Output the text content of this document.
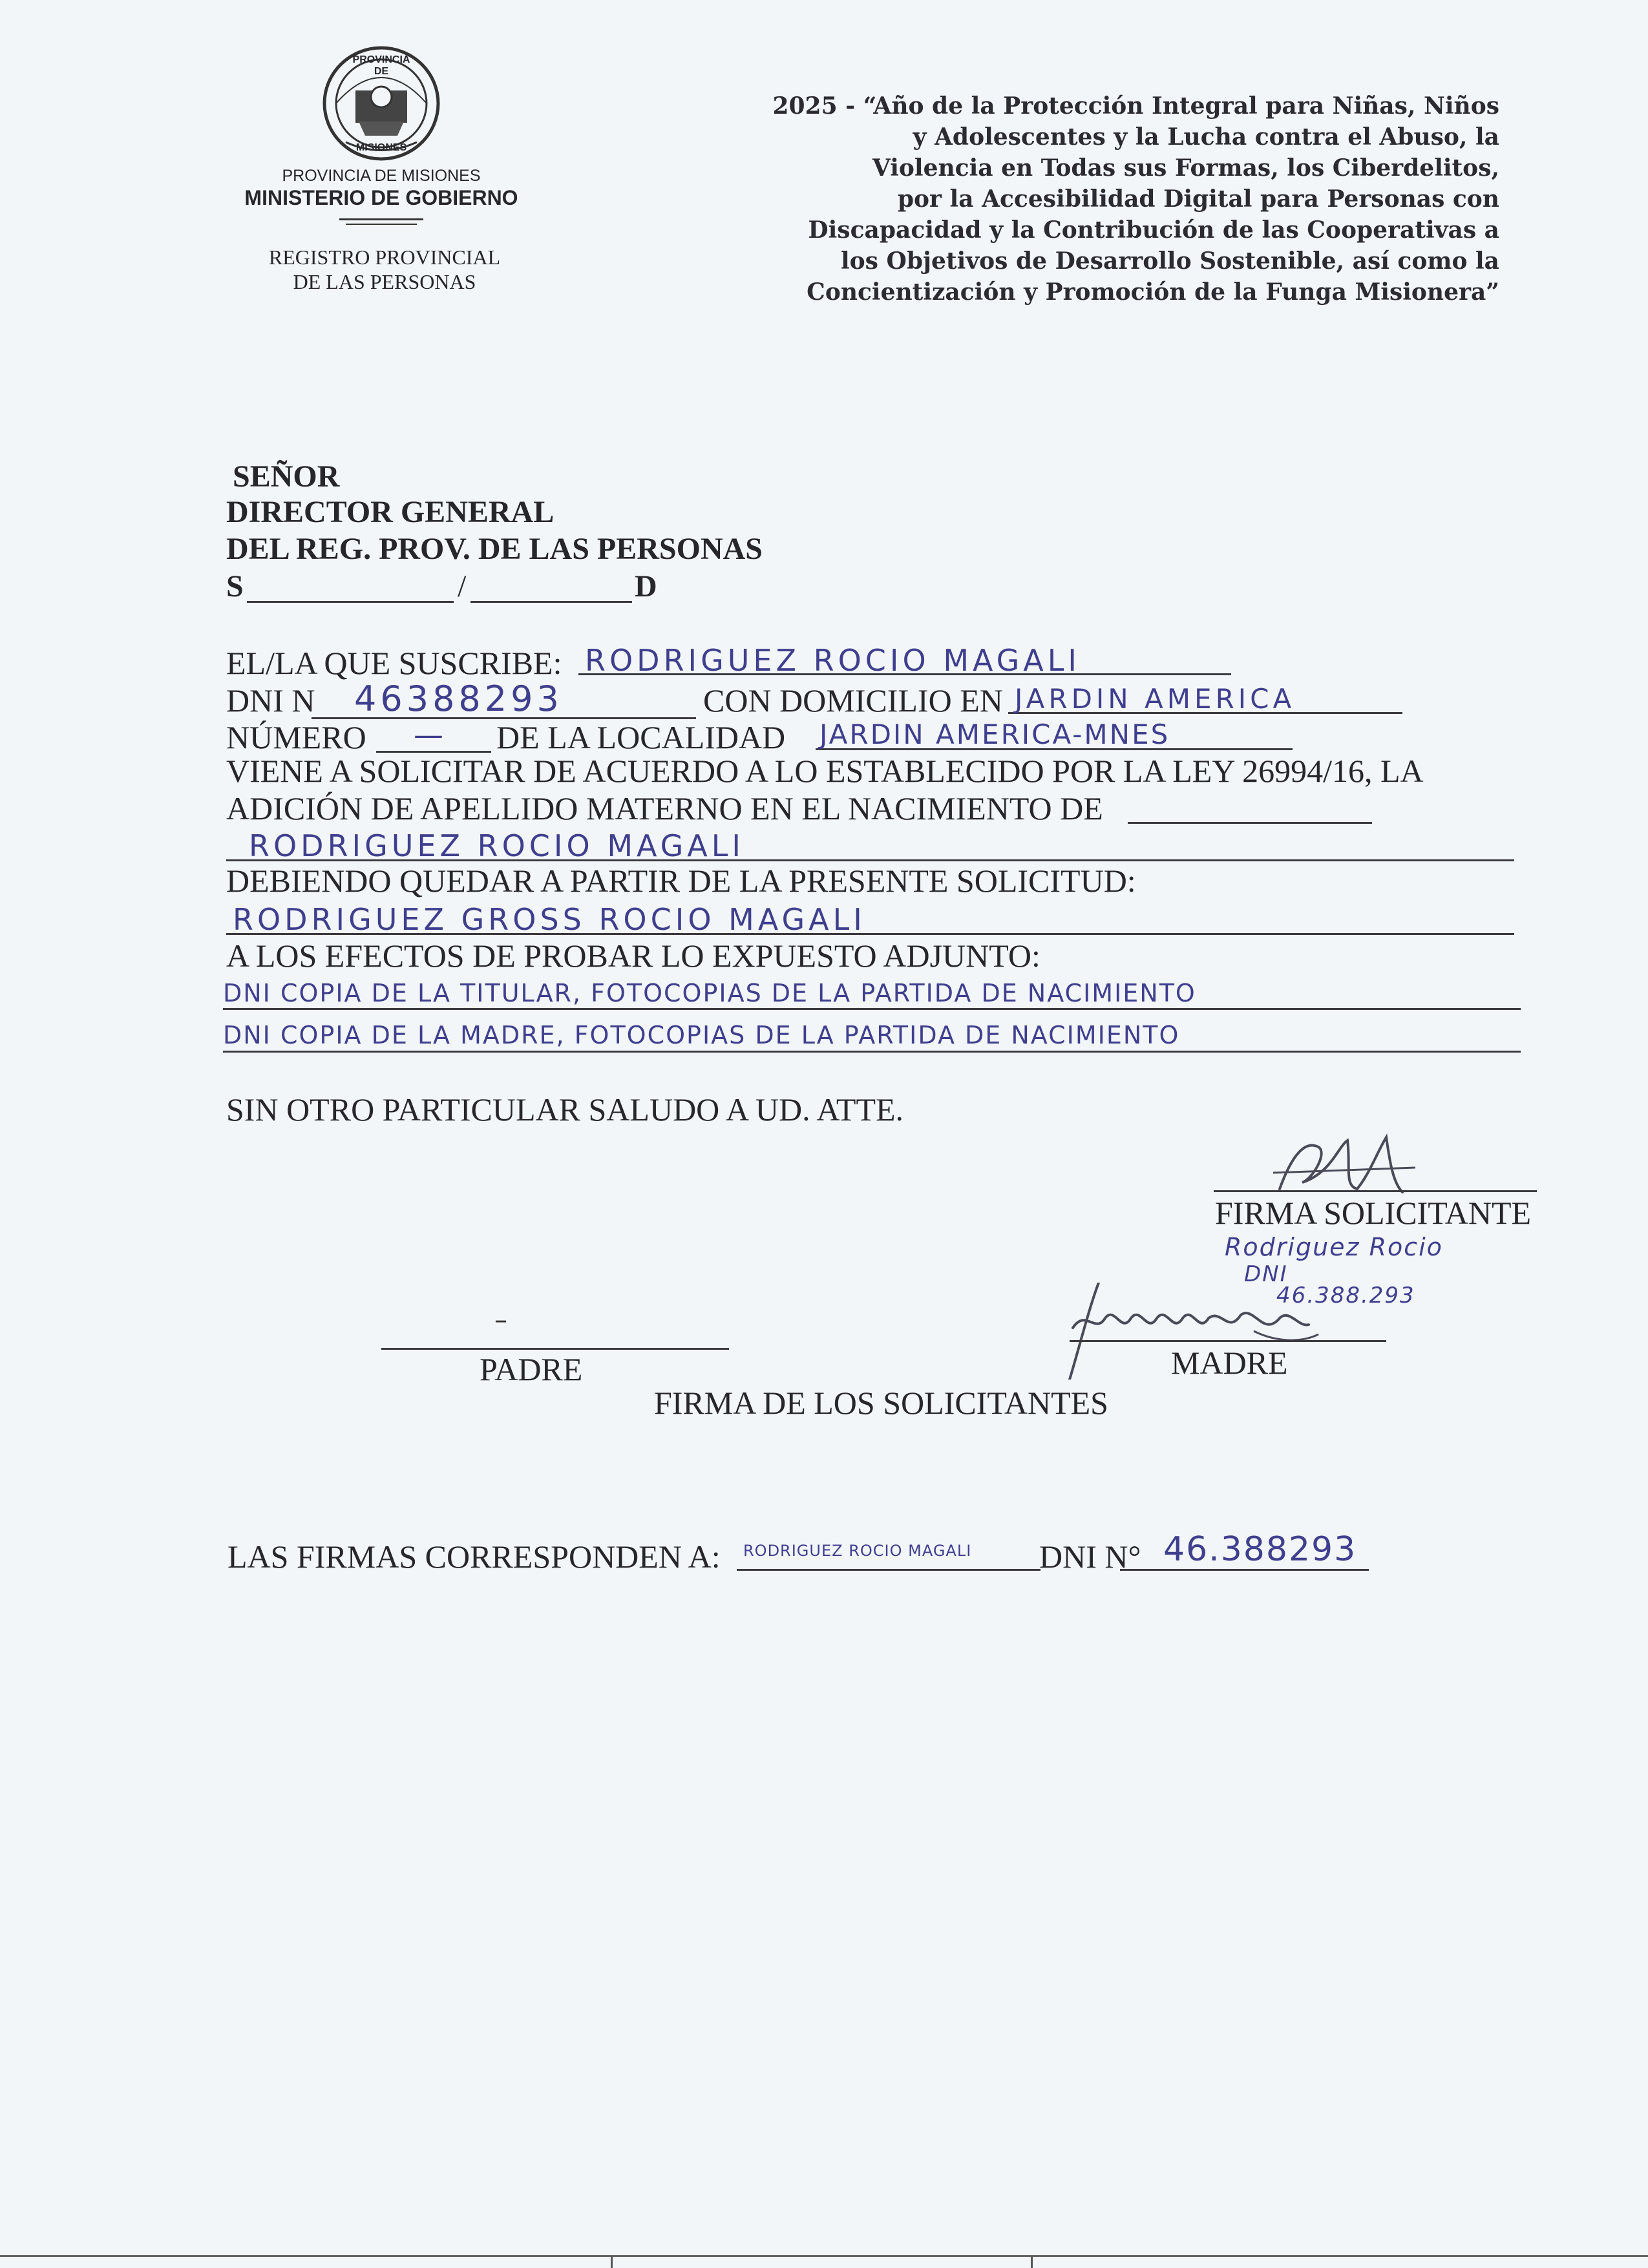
PROVINCIA DE
MISIONES
PROVINCIA DE MISIONES
MINISTERIO DE GOBIERNO
REGISTRO PROVINCIAL
DE LAS PERSONAS
2025 - “Año de la Protección Integral para Niñas, Niños
y Adolescentes y la Lucha contra el Abuso, la
Violencia en Todas sus Formas, los Ciberdelitos,
por la Accesibilidad Digital para Personas con
Discapacidad y la Contribución de las Cooperativas a
los Objetivos de Desarrollo Sostenible, así como la
Concientización y Promoción de la Funga Misionera”
SEÑOR
DIRECTOR GENERAL
DEL REG. PROV. DE LAS PERSONAS
S	/	D
EL/LA QUE SUSCRIBE: RODRIGUEZ ROCIO MAGALI
DNI N 46388293	CON DOMICILIO EN JARDIN AMERICA
NÚMERO — DE LA LOCALIDAD JARDIN AMERICA-MNES
VIENE A SOLICITAR DE ACUERDO A LO ESTABLECIDO POR LA LEY 26994/16, LA
ADICIÓN DE APELLIDO MATERNO EN EL NACIMIENTO DE
RODRIGUEZ ROCIO MAGALI
DEBIENDO QUEDAR A PARTIR DE LA PRESENTE SOLICITUD:
RODRIGUEZ GROSS ROCIO MAGALI
A LOS EFECTOS DE PROBAR LO EXPUESTO ADJUNTO:
DNI COPIA DE LA TITULAR, FOTOCOPIAS DE LA PARTIDA DE NACIMIENTO
DNI COPIA DE LA MADRE, FOTOCOPIAS DE LA PARTIDA DE NACIMIENTO
SIN OTRO PARTICULAR SALUDO A UD. ATTE.
FIRMA SOLICITANTE
Rodriguez Rocio
DNI
46.388.293
–
PADRE	MADRE
FIRMA DE LOS SOLICITANTES
LAS FIRMAS CORRESPONDEN A: RODRIGUEZ ROCIO MAGALI DNI N° 46.388293
